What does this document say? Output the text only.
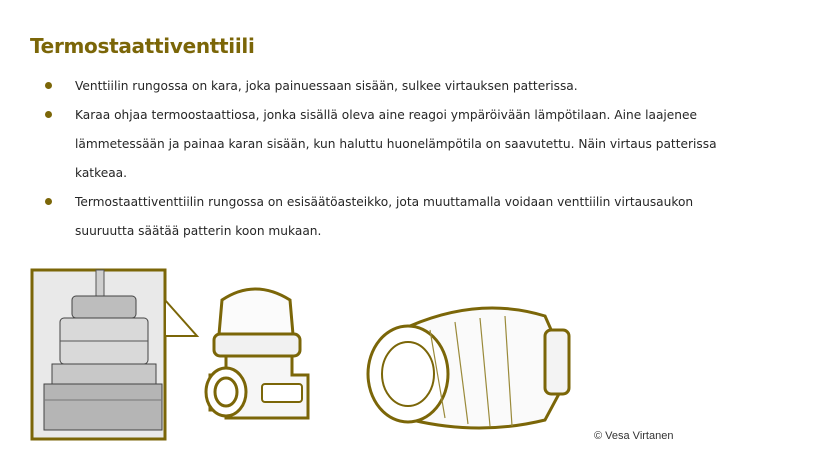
Termostaattiventtiili
Venttiilin rungossa on kara, joka painuessaan sisään, sulkee virtauksen patterissa.
Karaa ohjaa termoostaattiosa, jonka sisällä oleva aine reagoi ympäröivään lämpötilaan. Aine laajenee lämmetessään ja painaa karan sisään, kun haluttu huonelämpötila on saavutettu. Näin virtaus patterissa katkeaa.
Termostaattiventtiilin rungossa on esisäätöasteikko, jota muuttamalla voidaan venttiilin virtausaukon suuruutta säätää patterin koon mukaan.
© Vesa Virtanen
